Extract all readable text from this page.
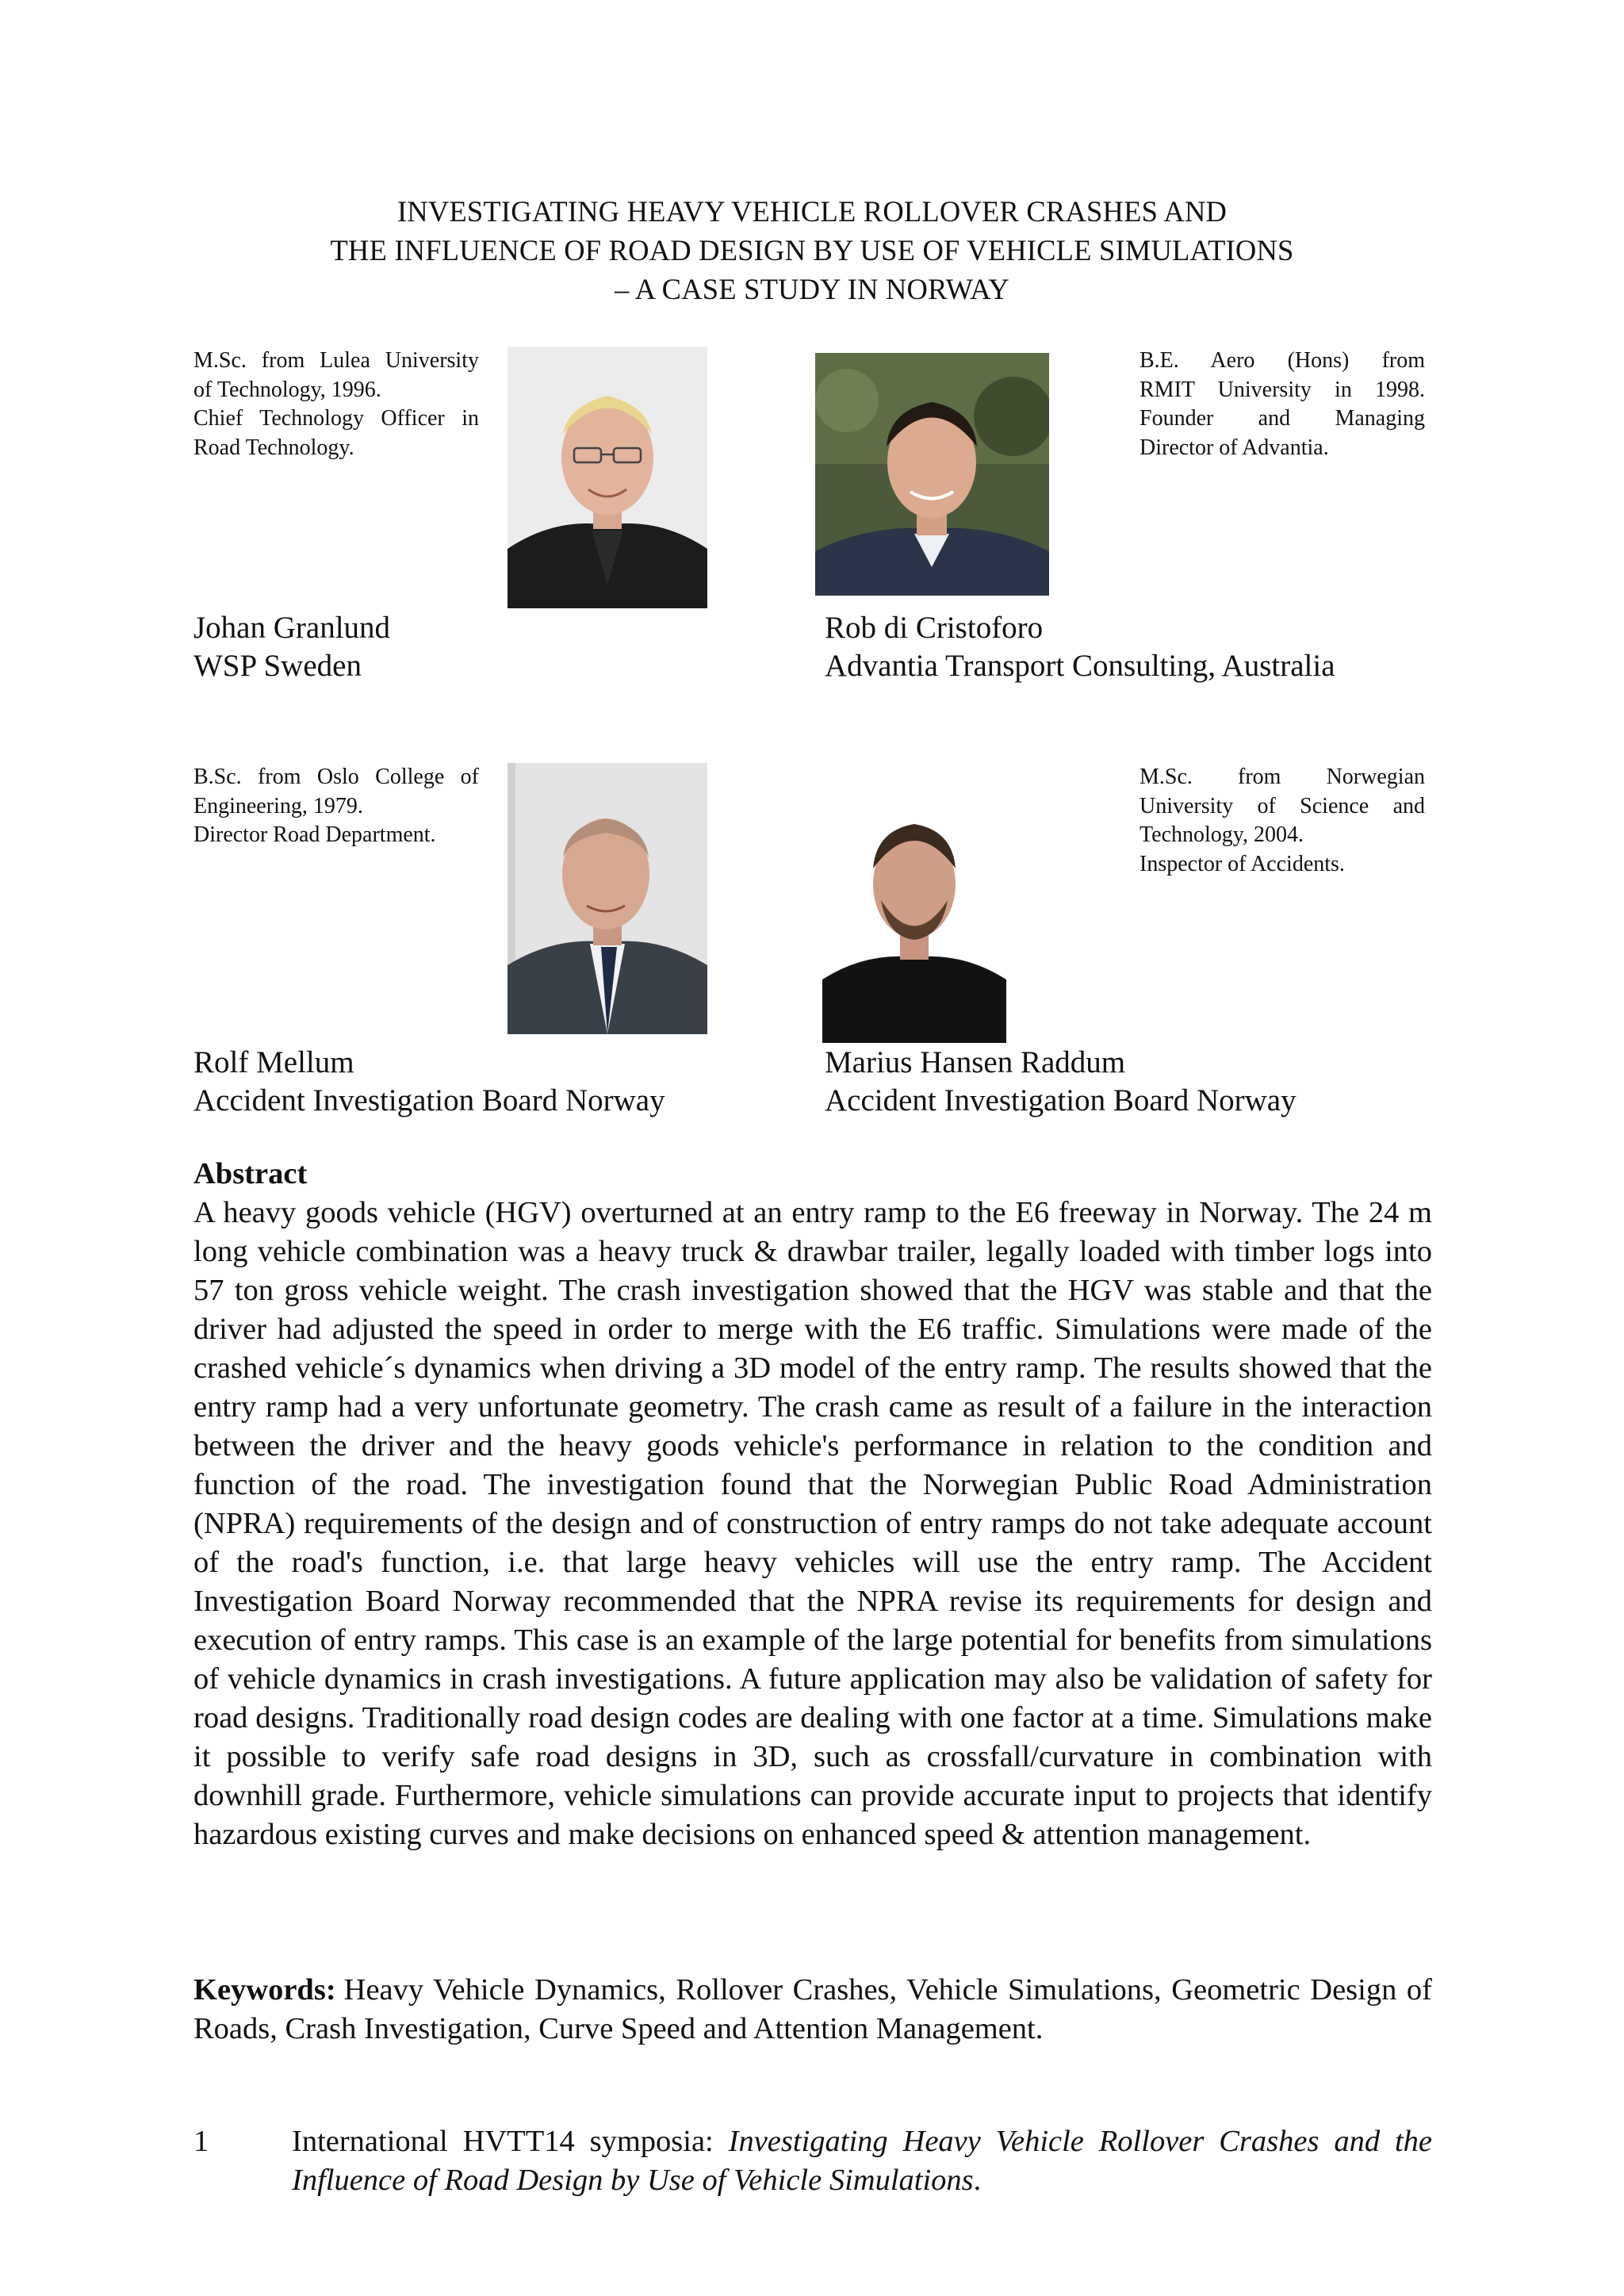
INVESTIGATING HEAVY VEHICLE ROLLOVER CRASHES AND
THE INFLUENCE OF ROAD DESIGN BY USE OF VEHICLE SIMULATIONS
– A CASE STUDY IN NORWAY
M.Sc. from Lulea University
of Technology, 1996.
Chief Technology Officer in
Road Technology.
Johan Granlund
WSP Sweden
B.E. Aero (Hons) from
RMIT University in 1998.
Founder and Managing
Director of Advantia.
Rob di Cristoforo
Advantia Transport Consulting, Australia
B.Sc. from Oslo College of
Engineering, 1979.
Director Road Department.
M.Sc. from Norwegian
University of Science and
Technology, 2004.
Inspector of Accidents.
Rolf Mellum
Accident Investigation Board Norway
Marius Hansen Raddum
Accident Investigation Board Norway
Abstract
A heavy goods vehicle (HGV) overturned at an entry ramp to the E6 freeway in Norway. The 24 m long vehicle combination was a heavy truck & drawbar trailer, legally loaded with timber logs into 57 ton gross vehicle weight. The crash investigation showed that the HGV was stable and that the driver had adjusted the speed in order to merge with the E6 traffic. Simulations were made of the crashed vehicle´s dynamics when driving a 3D model of the entry ramp. The results showed that the entry ramp had a very unfortunate geometry. The crash came as result of a failure in the interaction between the driver and the heavy goods vehicle's performance in relation to the condition and function of the road. The investigation found that the Norwegian Public Road Administration (NPRA) requirements of the design and of construction of entry ramps do not take adequate account of the road's function, i.e. that large heavy vehicles will use the entry ramp. The Accident Investigation Board Norway recommended that the NPRA revise its requirements for design and execution of entry ramps. This case is an example of the large potential for benefits from simulations of vehicle dynamics in crash investigations. A future application may also be validation of safety for road designs. Traditionally road design codes are dealing with one factor at a time. Simulations make it possible to verify safe road designs in 3D, such as crossfall/curvature in combination with downhill grade. Furthermore, vehicle simulations can provide accurate input to projects that identify hazardous existing curves and make decisions on enhanced speed & attention management.
Keywords: Heavy Vehicle Dynamics, Rollover Crashes, Vehicle Simulations, Geometric Design of Roads, Crash Investigation, Curve Speed and Attention Management.
1	International HVTT14 symposia: Investigating Heavy Vehicle Rollover Crashes and the Influence of Road Design by Use of Vehicle Simulations.
